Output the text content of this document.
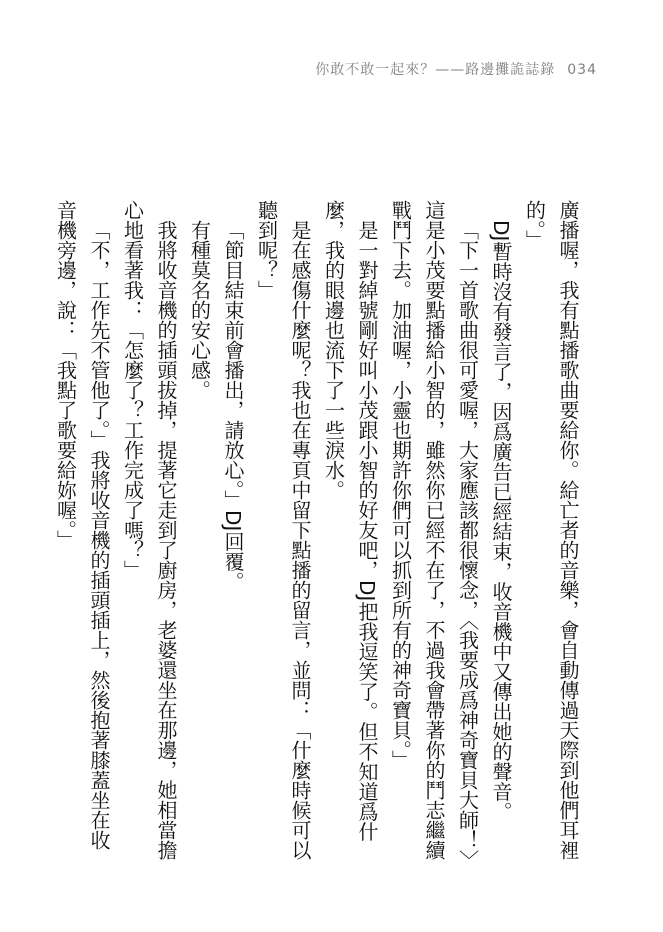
你敢不敢一起來？——路邊攤詭誌錄 034

廣播喔，我有點播歌曲要給你。給亡者的音樂，會自動傳過天際到他們耳裡的。」

DJ暫時沒有發言了，因爲廣告已經結束，收音機中又傳出她的聲音。

「下一首歌曲很可愛喔，大家應該都很懷念，〈我要成爲神奇寶貝大師！〉這是小茂要點播給小智的，雖然你已經不在了，不過我會帶著你的鬥志繼續戰鬥下去。加油喔，小靈也期許你們可以抓到所有的神奇寶貝。」

是一對綽號剛好叫小茂跟小智的好友吧，DJ把我逗笑了。但不知道爲什麼，我的眼邊也流下了一些淚水。

是在感傷什麼呢？我也在專頁中留下點播的留言，並問：「什麼時候可以聽到呢？」

「節目結束前會播出，請放心。」DJ回覆。

有種莫名的安心感。

我將收音機的插頭拔掉，提著它走到了廚房，老婆還坐在那邊，她相當擔心地看著我：「怎麼了？工作完成了嗎？」

「不，工作先不管他了。」我將收音機的插頭插上，然後抱著膝蓋坐在收音機旁邊，說：「我點了歌要給妳喔。」
